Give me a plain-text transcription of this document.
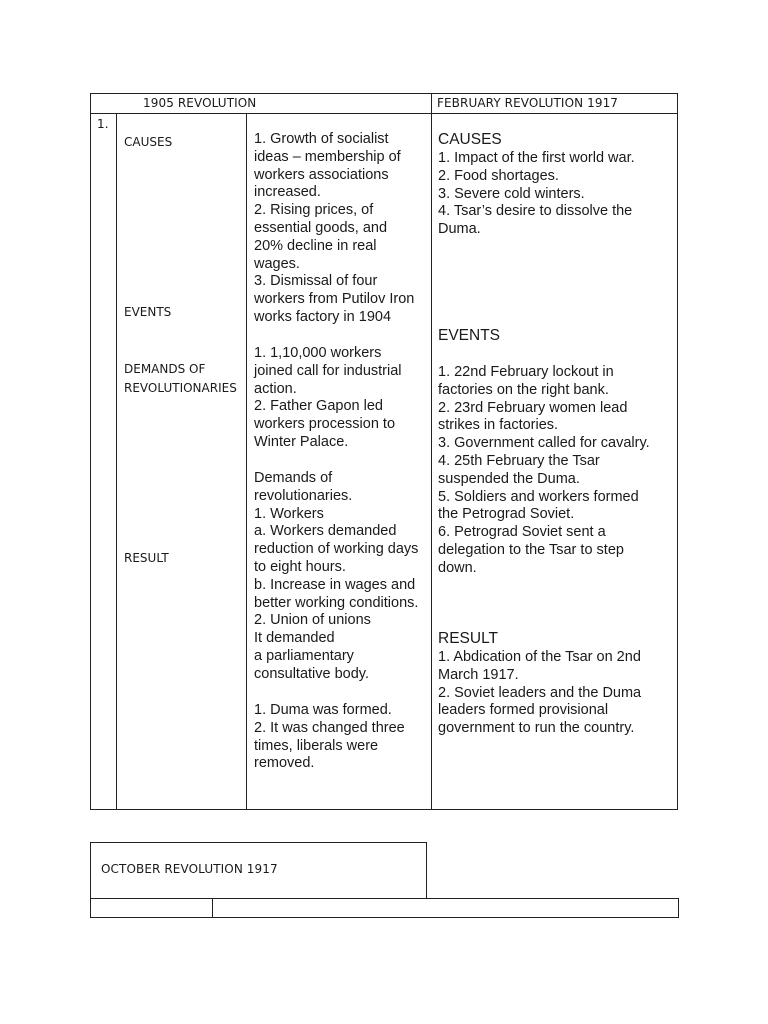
1905 REVOLUTION	FEBRUARY REVOLUTION 1917
1.
CAUSES
EVENTS
DEMANDS OF
REVOLUTIONARIES
RESULT
1. Growth of socialist
ideas – membership of
workers associations
increased.
2. Rising prices, of
essential goods, and
20% decline in real
wages.
3. Dismissal of four
workers from Putilov Iron
works factory in 1904
1. 1,10,000 workers
joined call for industrial
action.
2. Father Gapon led
workers procession to
Winter Palace.
Demands of
revolutionaries.
1. Workers
a. Workers demanded
reduction of working days
to eight hours.
b. Increase in wages and
better working conditions.
2. Union of unions
It demanded
a parliamentary
consultative body.
1. Duma was formed.
2. It was changed three
times, liberals were
removed.
CAUSES
1. Impact of the first world war.
2. Food shortages.
3. Severe cold winters.
4. Tsar’s desire to dissolve the
Duma.
EVENTS
1. 22nd February lockout in
factories on the right bank.
2. 23rd February women lead
strikes in factories.
3. Government called for cavalry.
4. 25th February the Tsar
suspended the Duma.
5. Soldiers and workers formed
the Petrograd Soviet.
6. Petrograd Soviet sent a
delegation to the Tsar to step
down.
RESULT
1. Abdication of the Tsar on 2nd
March 1917.
2. Soviet leaders and the Duma
leaders formed provisional
government to run the country.
OCTOBER REVOLUTION 1917
